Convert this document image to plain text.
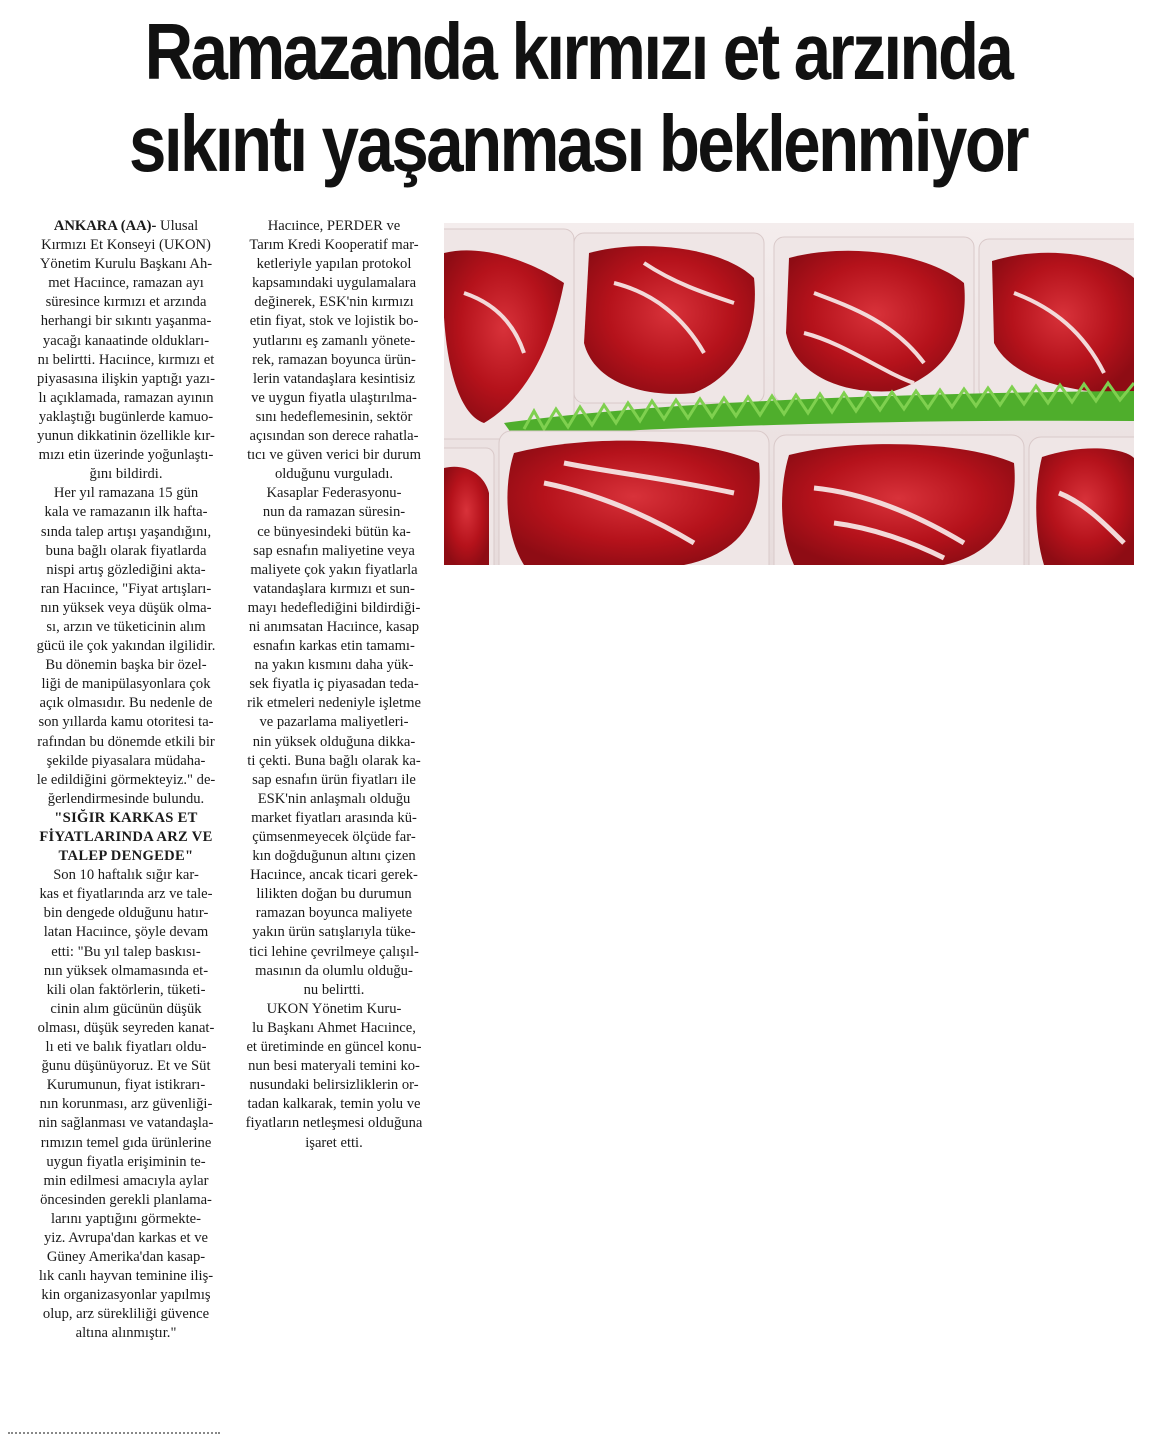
Ramazanda kırmızı et arzında
sıkıntı yaşanması beklenmiyor

ANKARA (AA)- Ulusal
Kırmızı Et Konseyi (UKON)
Yönetim Kurulu Başkanı Ah-
met Hacıince, ramazan ayı
süresince kırmızı et arzında
herhangi bir sıkıntı yaşanma-
yacağı kanaatinde oldukları-
nı belirtti. Hacıince, kırmızı et
piyasasına ilişkin yaptığı yazı-
lı açıklamada, ramazan ayının
yaklaştığı bugünlerde kamuo-
yunun dikkatinin özellikle kır-
mızı etin üzerinde yoğunlaştı-
ğını bildirdi.

Her yıl ramazana 15 gün
kala ve ramazanın ilk hafta-
sında talep artışı yaşandığını,
buna bağlı olarak fiyatlarda
nispi artış gözlediğini akta-
ran Hacıince, "Fiyat artışları-
nın yüksek veya düşük olma-
sı, arzın ve tüketicinin alım
gücü ile çok yakından ilgilidir.
Bu dönemin başka bir özel-
liği de manipülasyonlara çok
açık olmasıdır. Bu nedenle de
son yıllarda kamu otoritesi ta-
rafından bu dönemde etkili bir
şekilde piyasalara müdaha-
le edildiğini görmekteyiz." de-
ğerlendirmesinde bulundu.

"SIĞIR KARKAS ET
FİYATLARINDA ARZ VE
TALEP DENGEDE"

Son 10 haftalık sığır kar-
kas et fiyatlarında arz ve tale-
bin dengede olduğunu hatır-
latan Hacıince, şöyle devam
etti: "Bu yıl talep baskısı-
nın yüksek olmamasında et-
kili olan faktörlerin, tüketi-
cinin alım gücünün düşük
olması, düşük seyreden kanat-
lı eti ve balık fiyatları oldu-
ğunu düşünüyoruz. Et ve Süt
Kurumunun, fiyat istikrarı-
nın korunması, arz güvenliği-
nin sağlanması ve vatandaşla-
rımızın temel gıda ürünlerine
uygun fiyatla erişiminin te-
min edilmesi amacıyla aylar
öncesinden gerekli planlama-
larını yaptığını görmekte-
yiz. Avrupa'dan karkas et ve
Güney Amerika'dan kasap-
lık canlı hayvan teminine iliş-
kin organizasyonlar yapılmış
olup, arz sürekliliği güvence
altına alınmıştır."

Hacıince, PERDER ve
Tarım Kredi Kooperatif mar-
ketleriyle yapılan protokol
kapsamındaki uygulamalara
değinerek, ESK'nin kırmızı
etin fiyat, stok ve lojistik bo-
yutlarını eş zamanlı yönete-
rek, ramazan boyunca ürün-
lerin vatandaşlara kesintisiz
ve uygun fiyatla ulaştırılma-
sını hedeflemesinin, sektör
açısından son derece rahatla-
tıcı ve güven verici bir durum
olduğunu vurguladı.

Kasaplar Federasyonu-
nun da ramazan süresin-
ce bünyesindeki bütün ka-
sap esnafın maliyetine veya
maliyete çok yakın fiyatlarla
vatandaşlara kırmızı et sun-
mayı hedeflediğini bildirdiği-
ni anımsatan Hacıince, kasap
esnafın karkas etin tamamı-
na yakın kısmını daha yük-
sek fiyatla iç piyasadan teda-
rik etmeleri nedeniyle işletme
ve pazarlama maliyetleri-
nin yüksek olduğuna dikka-
ti çekti. Buna bağlı olarak ka-
sap esnafın ürün fiyatları ile
ESK'nin anlaşmalı olduğu
market fiyatları arasında kü-
çümsenmeyecek ölçüde far-
kın doğduğunun altını çizen
Hacıince, ancak ticari gerek-
lilikten doğan bu durumun
ramazan boyunca maliyete
yakın ürün satışlarıyla tüke-
tici lehine çevrilmeye çalışıl-
masının da olumlu olduğu-
nu belirtti.

UKON Yönetim Kuru-
lu Başkanı Ahmet Hacıince,
et üretiminde en güncel konu-
nun besi materyali temini ko-
nusundaki belirsizliklerin or-
tadan kalkarak, temin yolu ve
fiyatların netleşmesi olduğuna
işaret etti.
